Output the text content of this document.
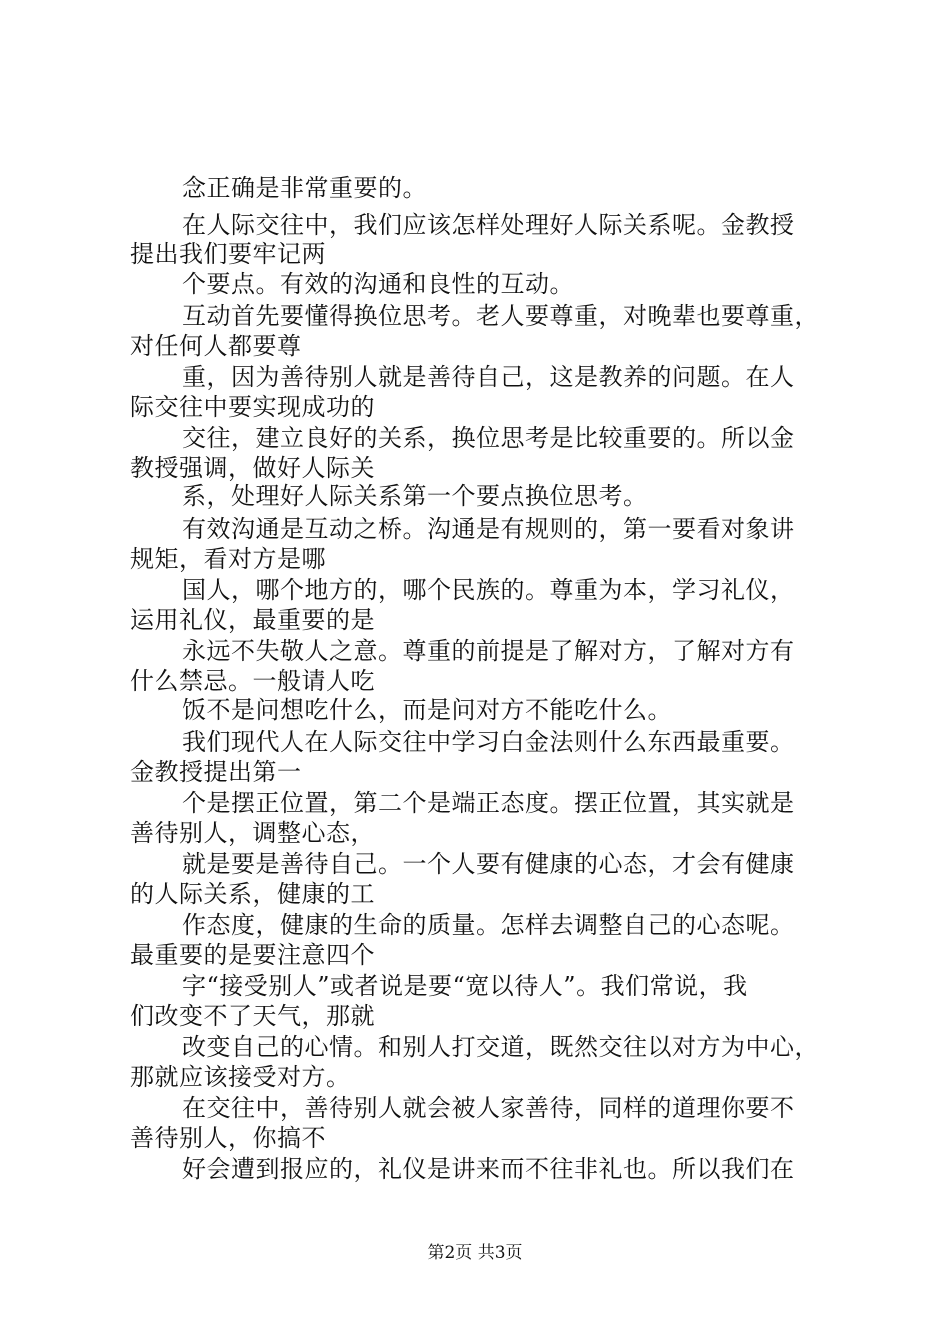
念正确是非常重要的。
在人际交往中，我们应该怎样处理好人际关系呢。金教授
提出我们要牢记两
个要点。有效的沟通和良性的互动。
互动首先要懂得换位思考。老人要尊重，对晚辈也要尊重，
对任何人都要尊
重，因为善待别人就是善待自己，这是教养的问题。在人
际交往中要实现成功的
交往，建立良好的关系，换位思考是比较重要的。所以金
教授强调，做好人际关
系，处理好人际关系第一个要点换位思考。
有效沟通是互动之桥。沟通是有规则的，第一要看对象讲
规矩，看对方是哪
国人，哪个地方的，哪个民族的。尊重为本，学习礼仪，
运用礼仪，最重要的是
永远不失敬人之意。尊重的前提是了解对方，了解对方有
什么禁忌。一般请人吃
饭不是问想吃什么，而是问对方不能吃什么。
我们现代人在人际交往中学习白金法则什么东西最重要。
金教授提出第一
个是摆正位置，第二个是端正态度。摆正位置，其实就是
善待别人，调整心态，
就是要是善待自己。一个人要有健康的心态，才会有健康
的人际关系，健康的工
作态度，健康的生命的质量。怎样去调整自己的心态呢。
最重要的是要注意四个
字“接受别人”或者说是要“宽以待人”。我们常说，我
们改变不了天气，那就
改变自己的心情。和别人打交道，既然交往以对方为中心，
那就应该接受对方。
在交往中，善待别人就会被人家善待，同样的道理你要不
善待别人，你搞不
好会遭到报应的，礼仪是讲来而不往非礼也。所以我们在
第2页 共3页
